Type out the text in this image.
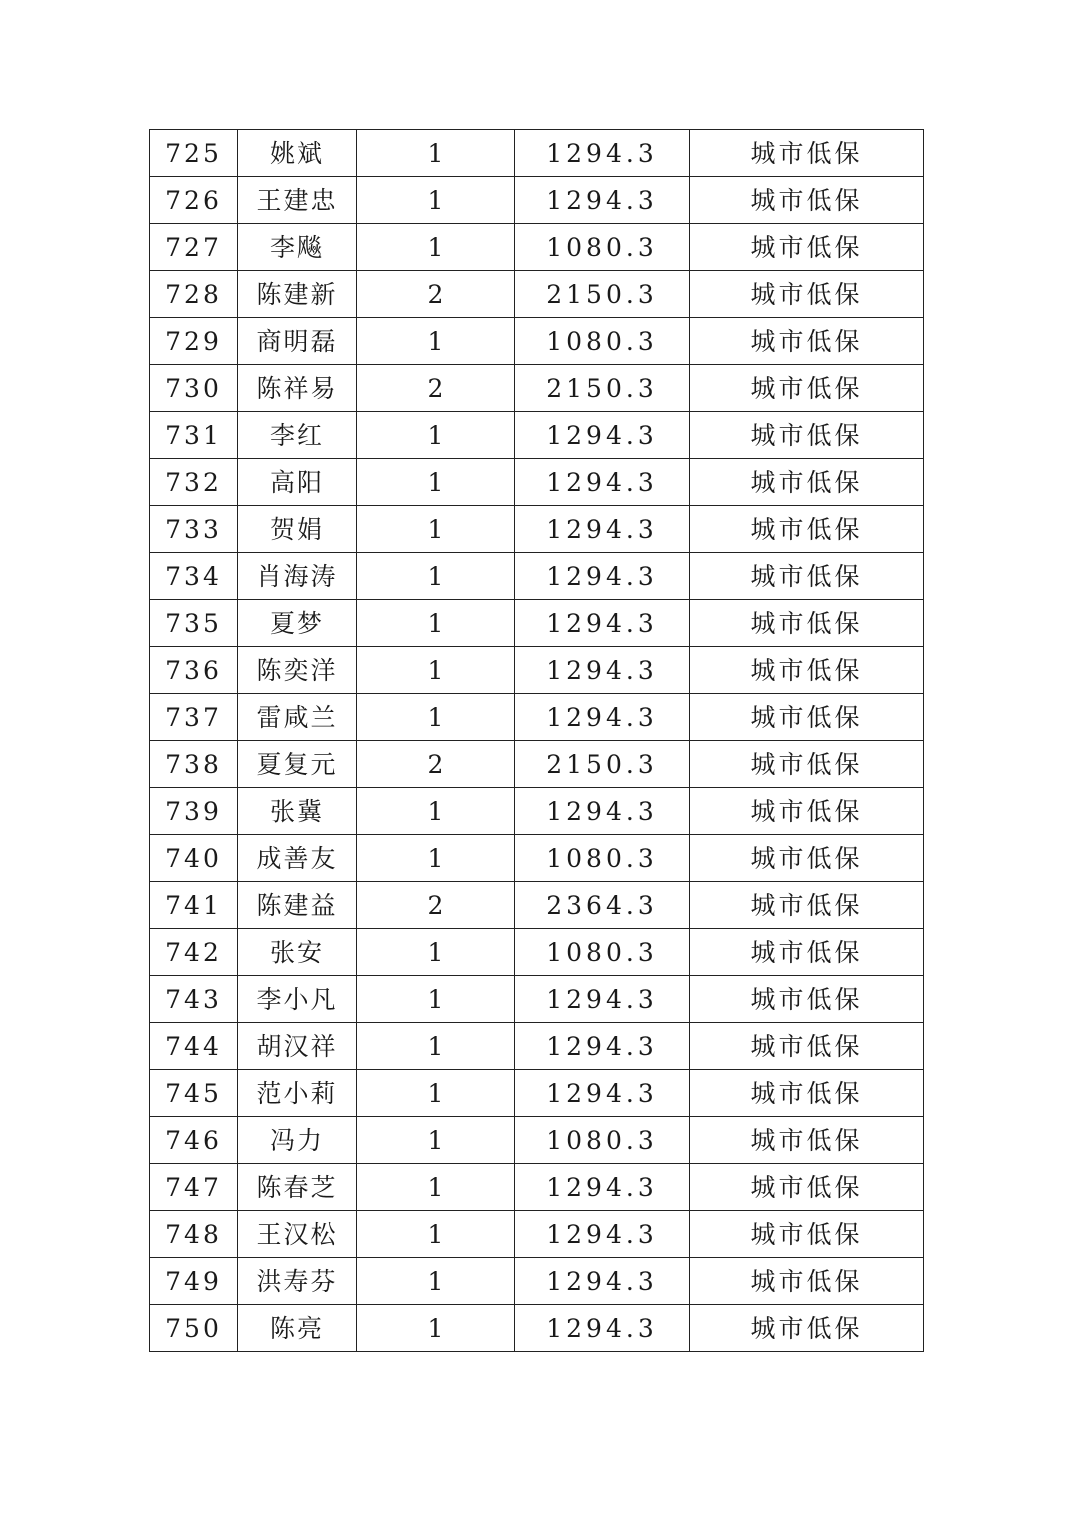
725	姚斌	1	1294.3	城市低保
726	王建忠	1	1294.3	城市低保
727	李飚	1	1080.3	城市低保
728	陈建新	2	2150.3	城市低保
729	商明磊	1	1080.3	城市低保
730	陈祥易	2	2150.3	城市低保
731	李红	1	1294.3	城市低保
732	高阳	1	1294.3	城市低保
733	贺娟	1	1294.3	城市低保
734	肖海涛	1	1294.3	城市低保
735	夏梦	1	1294.3	城市低保
736	陈奕洋	1	1294.3	城市低保
737	雷咸兰	1	1294.3	城市低保
738	夏复元	2	2150.3	城市低保
739	张冀	1	1294.3	城市低保
740	成善友	1	1080.3	城市低保
741	陈建益	2	2364.3	城市低保
742	张安	1	1080.3	城市低保
743	李小凡	1	1294.3	城市低保
744	胡汉祥	1	1294.3	城市低保
745	范小莉	1	1294.3	城市低保
746	冯力	1	1080.3	城市低保
747	陈春芝	1	1294.3	城市低保
748	王汉松	1	1294.3	城市低保
749	洪寿芬	1	1294.3	城市低保
750	陈亮	1	1294.3	城市低保
